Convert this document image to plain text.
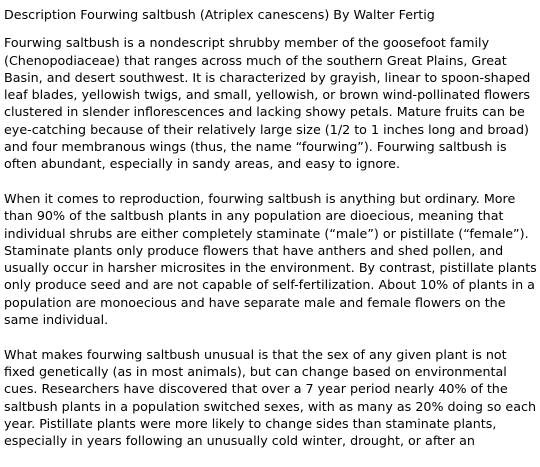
Description Fourwing saltbush (Atriplex canescens) By Walter Fertig

Fourwing saltbush is a nondescript shrubby member of the goosefoot family (Chenopodiaceae) that ranges across much of the southern Great Plains, Great Basin, and desert southwest. It is characterized by grayish, linear to spoon-shaped leaf blades, yellowish twigs, and small, yellowish, or brown wind-pollinated flowers clustered in slender inflorescences and lacking showy petals. Mature fruits can be eye-catching because of their relatively large size (1/2 to 1 inches long and broad) and four membranous wings (thus, the name “fourwing”). Fourwing saltbush is often abundant, especially in sandy areas, and easy to ignore.

When it comes to reproduction, fourwing saltbush is anything but ordinary. More than 90% of the saltbush plants in any population are dioecious, meaning that individual shrubs are either completely staminate (“male”) or pistillate (“female”). Staminate plants only produce flowers that have anthers and shed pollen, and usually occur in harsher microsites in the environment. By contrast, pistillate plants only produce seed and are not capable of self-fertilization. About 10% of plants in a population are monoecious and have separate male and female flowers on the same individual.

What makes fourwing saltbush unusual is that the sex of any given plant is not fixed genetically (as in most animals), but can change based on environmental cues. Researchers have discovered that over a 7 year period nearly 40% of the saltbush plants in a population switched sexes, with as many as 20% doing so each year. Pistillate plants were more likely to change sides than staminate plants, especially in years following an unusually cold winter, drought, or after an
